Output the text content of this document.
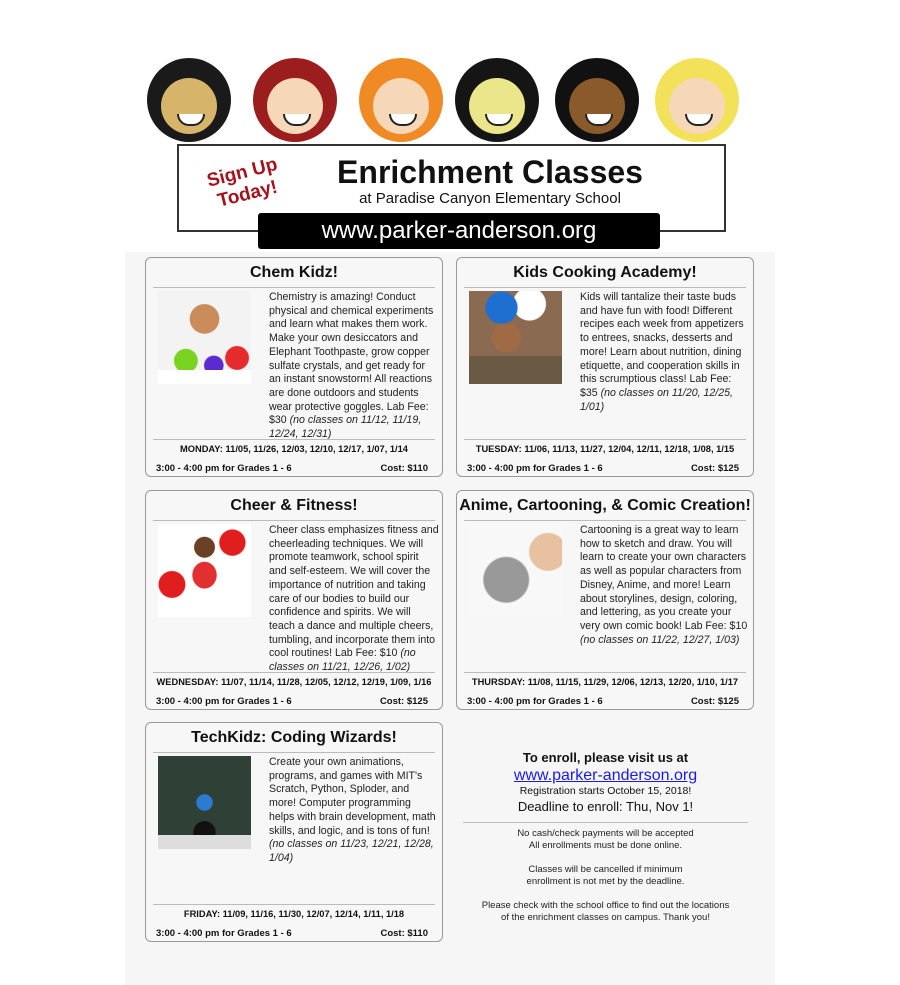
Sign Up Today!
Enrichment Classes
at Paradise Canyon Elementary School
www.parker-anderson.org
Chem Kidz!
Chemistry is amazing! Conduct physical and chemical experiments and learn what makes them work. Make your own desiccators and Elephant Toothpaste, grow copper sulfate crystals, and get ready for an instant snowstorm! All reactions are done outdoors and students wear protective goggles. Lab Fee: $30 (no classes on 11/12, 11/19, 12/24, 12/31)
MONDAY: 11/05, 11/26, 12/03, 12/10, 12/17, 1/07, 1/14
3:00 - 4:00 pm for Grades 1 - 6	Cost: $110
Kids Cooking Academy!
Kids will tantalize their taste buds and have fun with food! Different recipes each week from appetizers to entrees, snacks, desserts and more! Learn about nutrition, dining etiquette, and cooperation skills in this scrumptious class! Lab Fee: $35 (no classes on 11/20, 12/25, 1/01)
TUESDAY: 11/06, 11/13, 11/27, 12/04, 12/11, 12/18, 1/08, 1/15
3:00 - 4:00 pm for Grades 1 - 6	Cost: $125
Cheer & Fitness!
Cheer class emphasizes fitness and cheerleading techniques. We will promote teamwork, school spirit and self-esteem. We will cover the importance of nutrition and taking care of our bodies to build our confidence and spirits. We will teach a dance and multiple cheers, tumbling, and incorporate them into cool routines! Lab Fee: $10 (no classes on 11/21, 12/26, 1/02)
WEDNESDAY: 11/07, 11/14, 11/28, 12/05, 12/12, 12/19, 1/09, 1/16
3:00 - 4:00 pm for Grades 1 - 6	Cost: $125
Anime, Cartooning, & Comic Creation!
Cartooning is a great way to learn how to sketch and draw. You will learn to create your own characters as well as popular characters from Disney, Anime, and more! Learn about storylines, design, coloring, and lettering, as you create your very own comic book! Lab Fee: $10 (no classes on 11/22, 12/27, 1/03)
THURSDAY: 11/08, 11/15, 11/29, 12/06, 12/13, 12/20, 1/10, 1/17
3:00 - 4:00 pm for Grades 1 - 6	Cost: $125
TechKidz: Coding Wizards!
Create your own animations, programs, and games with MIT's Scratch, Python, Sploder, and more! Computer programming helps with brain development, math skills, and logic, and is tons of fun! (no classes on 11/23, 12/21, 12/28, 1/04)
FRIDAY: 11/09, 11/16, 11/30, 12/07, 12/14, 1/11, 1/18
3:00 - 4:00 pm for Grades 1 - 6	Cost: $110
To enroll, please visit us at
www.parker-anderson.org
Registration starts October 15, 2018!
Deadline to enroll: Thu, Nov 1!
No cash/check payments will be accepted
All enrollments must be done online.
Classes will be cancelled if minimum
enrollment is not met by the deadline.
Please check with the school office to find out the locations
of the enrichment classes on campus. Thank you!
